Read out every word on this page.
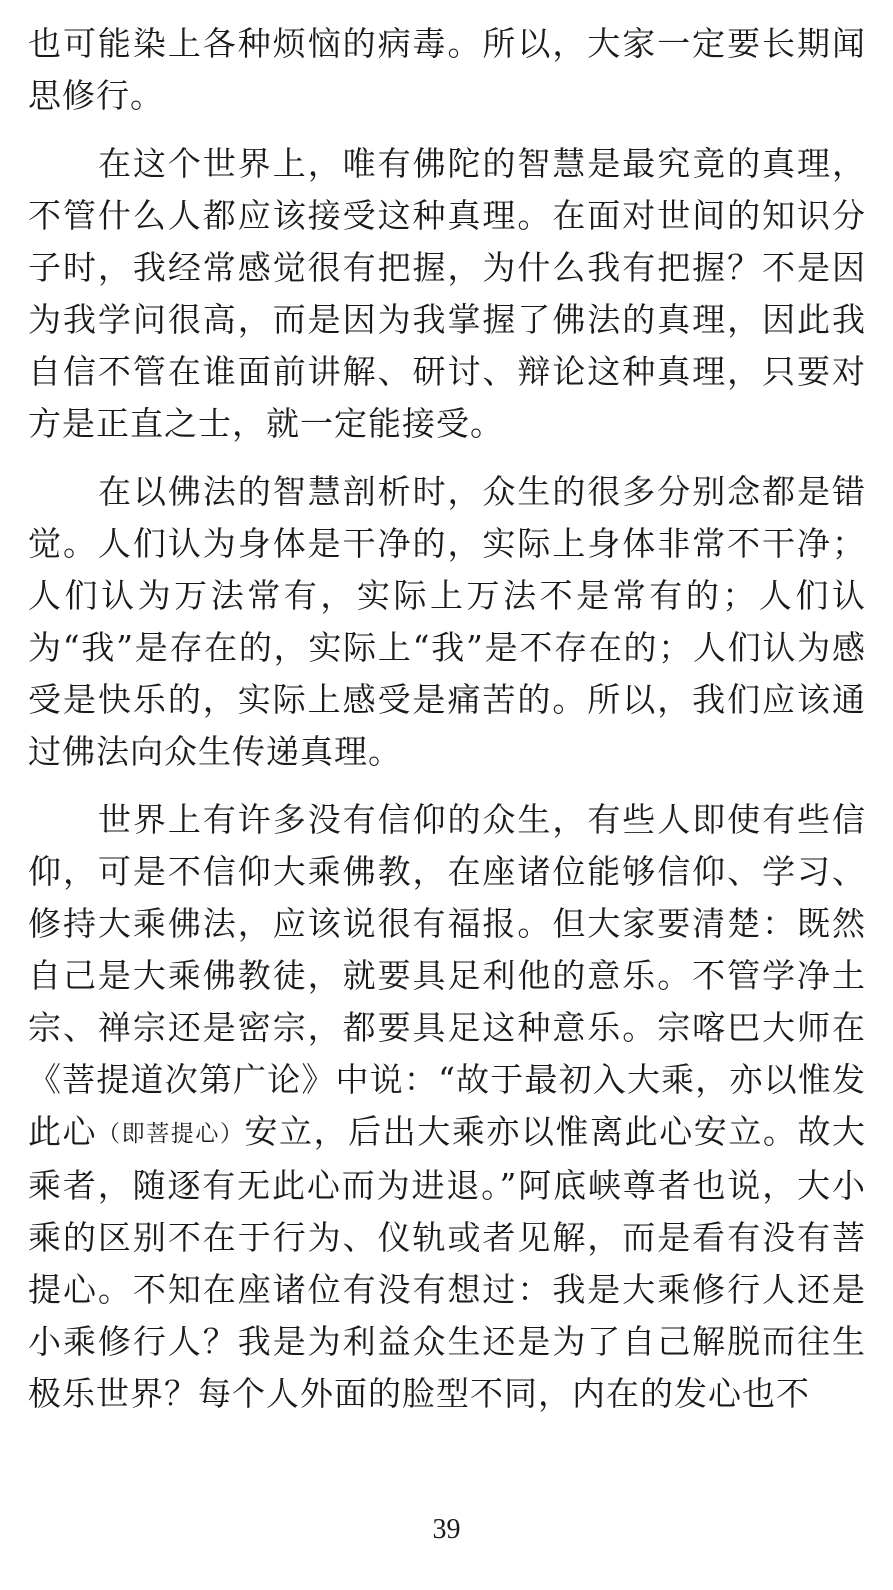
也可能染上各种烦恼的病毒。所以，大家一定要长期闻思修行。

在这个世界上，唯有佛陀的智慧是最究竟的真理，不管什么人都应该接受这种真理。在面对世间的知识分子时，我经常感觉很有把握，为什么我有把握？不是因为我学问很高，而是因为我掌握了佛法的真理，因此我自信不管在谁面前讲解、研讨、辩论这种真理，只要对方是正直之士，就一定能接受。

在以佛法的智慧剖析时，众生的很多分别念都是错觉。人们认为身体是干净的，实际上身体非常不干净；人们认为万法常有，实际上万法不是常有的；人们认为“我”是存在的，实际上“我”是不存在的；人们认为感受是快乐的，实际上感受是痛苦的。所以，我们应该通过佛法向众生传递真理。

世界上有许多没有信仰的众生，有些人即使有些信仰，可是不信仰大乘佛教，在座诸位能够信仰、学习、修持大乘佛法，应该说很有福报。但大家要清楚：既然自己是大乘佛教徒，就要具足利他的意乐。不管学净土宗、禅宗还是密宗，都要具足这种意乐。宗喀巴大师在《菩提道次第广论》中说：“故于最初入大乘，亦以惟发此心（即菩提心）安立，后出大乘亦以惟离此心安立。故大乘者，随逐有无此心而为进退。”阿底峡尊者也说，大小乘的区别不在于行为、仪轨或者见解，而是看有没有菩提心。不知在座诸位有没有想过：我是大乘修行人还是小乘修行人？我是为利益众生还是为了自己解脱而往生极乐世界？每个人外面的脸型不同，内在的发心也不

39
